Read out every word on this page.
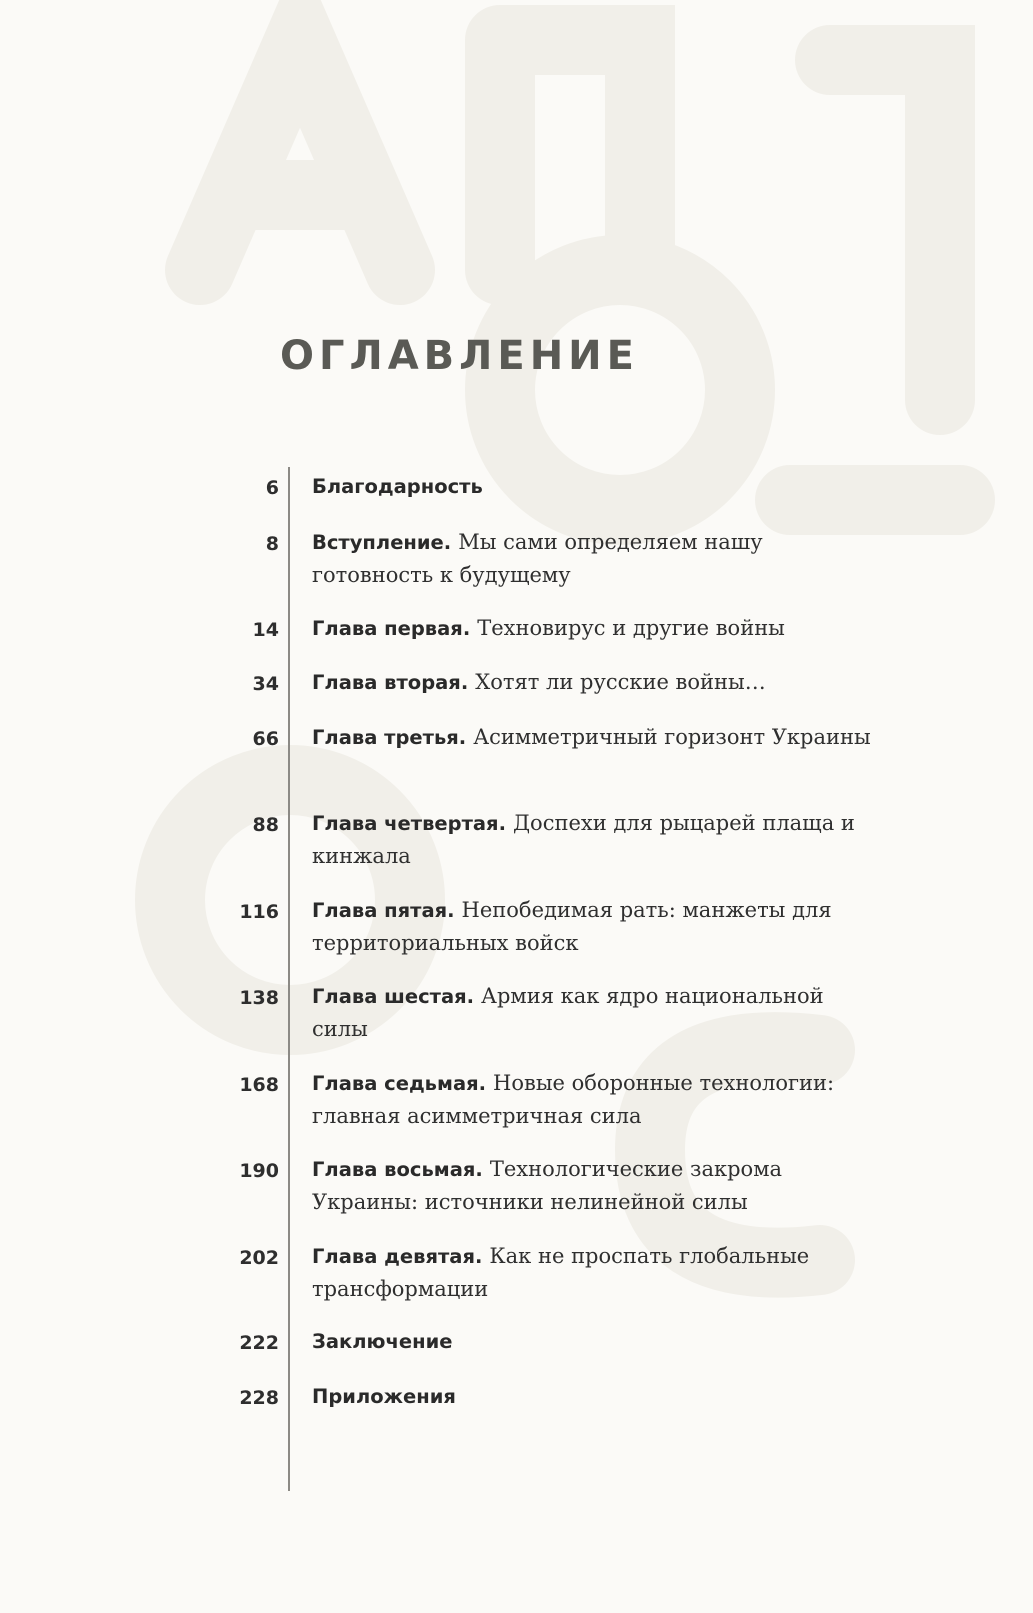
ОГЛАВЛЕНИЕ
6 Благодарность
8 Вступление. Мы сами определяем нашу готовность к будущему
14 Глава первая. Техновирус и другие войны
34 Глава вторая. Хотят ли русские войны…
66 Глава третья. Асимметричный горизонт Украины
88 Глава четвертая. Доспехи для рыцарей плаща и кинжала
116 Глава пятая. Непобедимая рать: манжеты для территориальных войск
138 Глава шестая. Армия как ядро национальной силы
168 Глава седьмая. Новые оборонные технологии: главная асимметричная сила
190 Глава восьмая. Технологические закрома Украины: источники нелинейной силы
202 Глава девятая. Как не проспать глобальные трансформации
222 Заключение
228 Приложения
